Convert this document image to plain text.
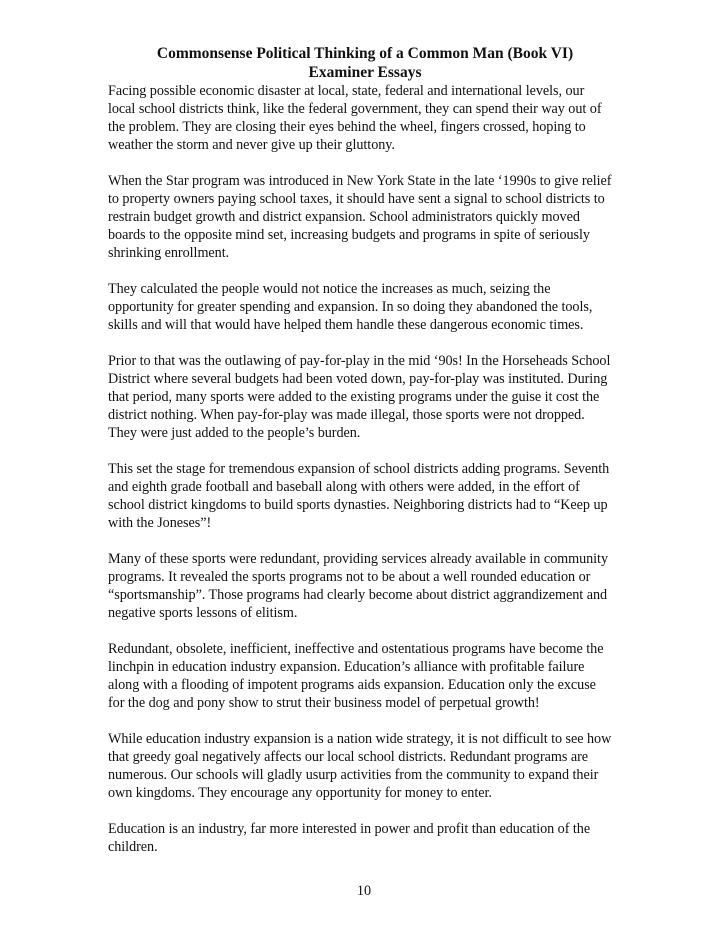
Commonsense Political Thinking of a Common Man (Book VI)
Examiner Essays
Facing possible economic disaster at local, state, federal and international levels, our
local school districts think, like the federal government, they can spend their way out of
the problem. They are closing their eyes behind the wheel, fingers crossed, hoping to
weather the storm and never give up their gluttony.
When the Star program was introduced in New York State in the late ‘1990s to give relief
to property owners paying school taxes, it should have sent a signal to school districts to
restrain budget growth and district expansion. School administrators quickly moved
boards to the opposite mind set, increasing budgets and programs in spite of seriously
shrinking enrollment.
They calculated the people would not notice the increases as much, seizing the
opportunity for greater spending and expansion. In so doing they abandoned the tools,
skills and will that would have helped them handle these dangerous economic times.
Prior to that was the outlawing of pay-for-play in the mid ‘90s! In the Horseheads School
District where several budgets had been voted down, pay-for-play was instituted. During
that period, many sports were added to the existing programs under the guise it cost the
district nothing. When pay-for-play was made illegal, those sports were not dropped.
They were just added to the people’s burden.
This set the stage for tremendous expansion of school districts adding programs. Seventh
and eighth grade football and baseball along with others were added, in the effort of
school district kingdoms to build sports dynasties. Neighboring districts had to “Keep up
with the Joneses”!
Many of these sports were redundant, providing services already available in community
programs. It revealed the sports programs not to be about a well rounded education or
“sportsmanship”. Those programs had clearly become about district aggrandizement and
negative sports lessons of elitism.
Redundant, obsolete, inefficient, ineffective and ostentatious programs have become the
linchpin in education industry expansion. Education’s alliance with profitable failure
along with a flooding of impotent programs aids expansion. Education only the excuse
for the dog and pony show to strut their business model of perpetual growth!
While education industry expansion is a nation wide strategy, it is not difficult to see how
that greedy goal negatively affects our local school districts. Redundant programs are
numerous. Our schools will gladly usurp activities from the community to expand their
own kingdoms. They encourage any opportunity for money to enter.
Education is an industry, far more interested in power and profit than education of the
children.
10
